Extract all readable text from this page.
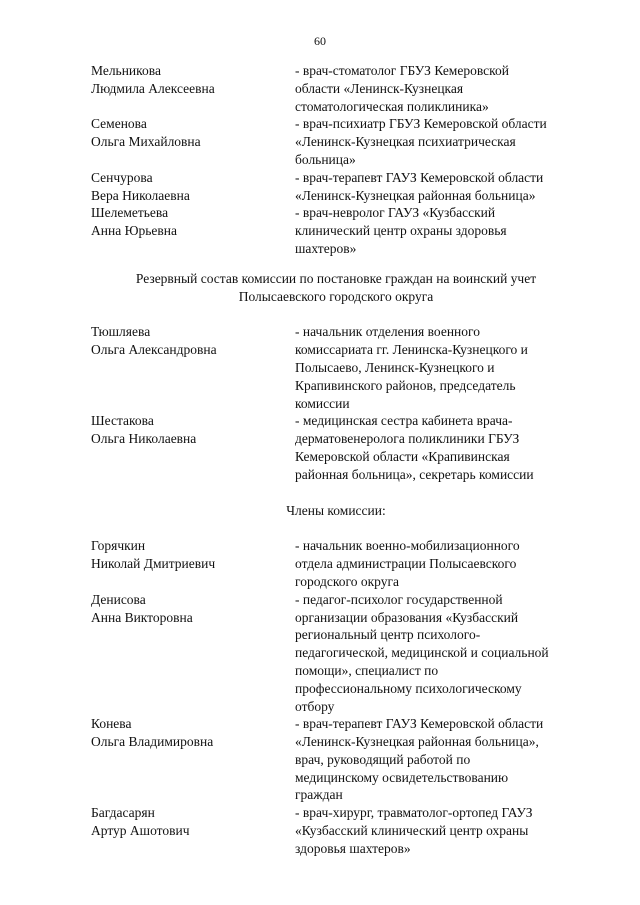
60
Мельникова
Людмила Алексеевна
- врач-стоматолог ГБУЗ Кемеровской
области «Ленинск-Кузнецкая
стоматологическая поликлиника»
Семенова
Ольга Михайловна
- врач-психиатр ГБУЗ Кемеровской области
«Ленинск-Кузнецкая психиатрическая
больница»
Сенчурова
Вера Николаевна
- врач-терапевт ГАУЗ Кемеровской области
«Ленинск-Кузнецкая районная больница»
Шелеметьева
Анна Юрьевна
- врач-невролог ГАУЗ «Кузбасский
клинический центр охраны здоровья
шахтеров»
Резервный состав комиссии по постановке граждан на воинский учет
Полысаевского городского округа
Тюшляева
Ольга Александровна
- начальник отделения военного
комиссариата гг. Ленинска-Кузнецкого и
Полысаево, Ленинск-Кузнецкого и
Крапивинского районов, председатель
комиссии
Шестакова
Ольга Николаевна
- медицинская сестра кабинета врача-
дерматовенеролога поликлиники ГБУЗ
Кемеровской области «Крапивинская
районная больница», секретарь комиссии
Члены комиссии:
Горячкин
Николай Дмитриевич
- начальник военно-мобилизационного
отдела администрации Полысаевского
городского округа
Денисова
Анна Викторовна
- педагог-психолог государственной
организации образования «Кузбасский
региональный центр психолого-
педагогической, медицинской и социальной
помощи», специалист по
профессиональному психологическому
отбору
Конева
Ольга Владимировна
- врач-терапевт ГАУЗ Кемеровской области
«Ленинск-Кузнецкая районная больница»,
врач, руководящий работой по
медицинскому освидетельствованию
граждан
Багдасарян
Артур Ашотович
- врач-хирург, травматолог-ортопед ГАУЗ
«Кузбасский клинический центр охраны
здоровья шахтеров»
